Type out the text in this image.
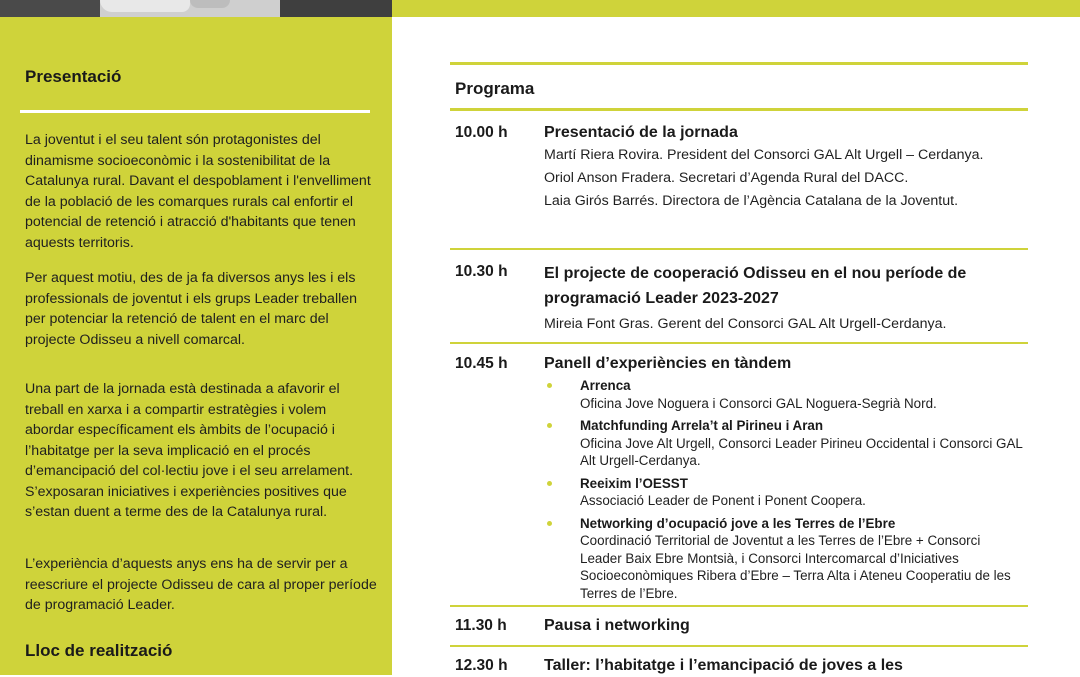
Presentació
La joventut i el seu talent són protagonistes del dinamisme socioeconòmic i la sostenibilitat de la Catalunya rural. Davant el despoblament i l'envelliment de la població de les comarques rurals cal enfortir el potencial de retenció i atracció d'habitants que tenen aquests territoris.
Per aquest motiu, des de ja fa diversos anys les i els professionals de joventut i els grups Leader treballen per potenciar la retenció de talent en el marc del projecte Odisseu a nivell comarcal.
Una part de la jornada està destinada a afavorir el treball en xarxa i a compartir estratègies i volem abordar específicament els àmbits de l’ocupació i l’habitatge per la seva implicació en el procés d’emancipació del col·lectiu jove i el seu arrelament. S’exposaran iniciatives i experiències positives que s’estan duent a terme des de la Catalunya rural.
L’experiència d’aquests anys ens ha de servir per a reescriure el projecte Odisseu de cara al proper període de programació Leader.
Lloc de realització
Programa
10.00 h Presentació de la jornada
Martí Riera Rovira. President del Consorci GAL Alt Urgell – Cerdanya.
Oriol Anson Fradera. Secretari d’Agenda Rural del DACC.
Laia Girós Barrés. Directora de l’Agència Catalana de la Joventut.
10.30 h El projecte de cooperació Odisseu en el nou període de programació Leader 2023-2027
Mireia Font Gras. Gerent del Consorci GAL Alt Urgell-Cerdanya.
10.45 h Panell d’experiències en tàndem
Arrenca
Oficina Jove Noguera i Consorci GAL Noguera-Segrià Nord.
Matchfunding Arrela’t al Pirineu i Aran
Oficina Jove Alt Urgell, Consorci Leader Pirineu Occidental i Consorci GAL Alt Urgell-Cerdanya.
Reeixim l’OESST
Associació Leader de Ponent i Ponent Coopera.
Networking d’ocupació jove a les Terres de l’Ebre
Coordinació Territorial de Joventut a les Terres de l’Ebre + Consorci Leader Baix Ebre Montsià, i Consorci Intercomarcal d’Iniciatives Socioeconòmiques Ribera d’Ebre – Terra Alta i Ateneu Cooperatiu de les Terres de l’Ebre.
11.30 h Pausa i networking
12.30 h Taller: l’habitatge i l’emancipació de joves a les
